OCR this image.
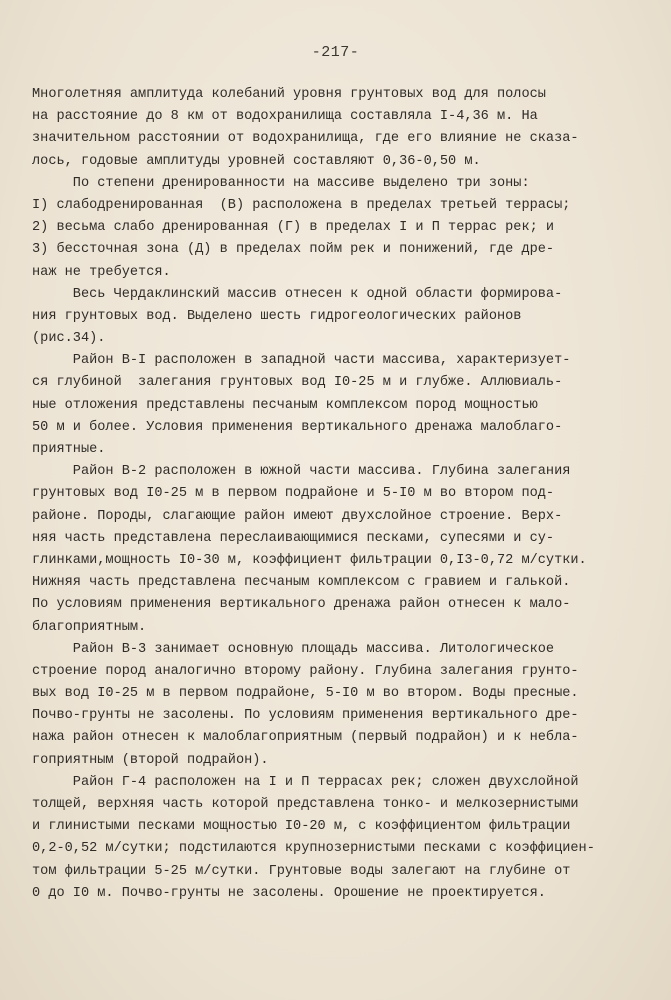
-217-
Многолетняя амплитуда колебаний уровня грунтовых вод для полосы
на расстояние до 8 км от водохранилища составляла I-4,36 м. На
значительном расстоянии от водохранилища, где его влияние не сказа-
лось, годовые амплитуды уровней составляют 0,36-0,50 м.
По степени дренированности на массиве выделено три зоны:
I) слабодренированная  (В) расположена в пределах третьей террасы;
2) весьма слабо дренированная (Г) в пределах I и П террас рек; и
3) бессточная зона (Д) в пределах пойм рек и понижений, где дре-
наж не требуется.
Весь Чердаклинский массив отнесен к одной области формирова-
ния грунтовых вод. Выделено шесть гидрогеологических районов
(рис.34).
Район В-I расположен в западной части массива, характеризует-
ся глубиной  залегания грунтовых вод I0-25 м и глубже. Аллювиаль-
ные отложения представлены песчаным комплексом пород мощностью
50 м и более. Условия применения вертикального дренажа малоблаго-
приятные.
Район В-2 расположен в южной части массива. Глубина залегания
грунтовых вод I0-25 м в первом подрайоне и 5-I0 м во втором под-
районе. Породы, слагающие район имеют двухслойное строение. Верх-
няя часть представлена переслаивающимися песками, супесями и су-
глинками,мощность I0-30 м, коэффициент фильтрации 0,I3-0,72 м/сутки.
Нижняя часть представлена песчаным комплексом с гравием и галькой.
По условиям применения вертикального дренажа район отнесен к мало-
благоприятным.
Район В-3 занимает основную площадь массива. Литологическое
строение пород аналогично второму району. Глубина залегания грунто-
вых вод I0-25 м в первом подрайоне, 5-I0 м во втором. Воды пресные.
Почво-грунты не засолены. По условиям применения вертикального дре-
нажа район отнесен к малоблагоприятным (первый подрайон) и к неблa-
гоприятным (второй подрайон).
Район Г-4 расположен на I и П террасах рек; сложен двухслойной
толщей, верхняя часть которой представлена тонко- и мелкозернистыми
и глинистыми песками мощностью I0-20 м, с коэффициентом фильтрации
0,2-0,52 м/сутки; подстилаются крупнозернистыми песками с коэффициен-
том фильтрации 5-25 м/сутки. Грунтовые воды залегают на глубине от
0 до I0 м. Почво-грунты не засолены. Орошение не проектируется.
